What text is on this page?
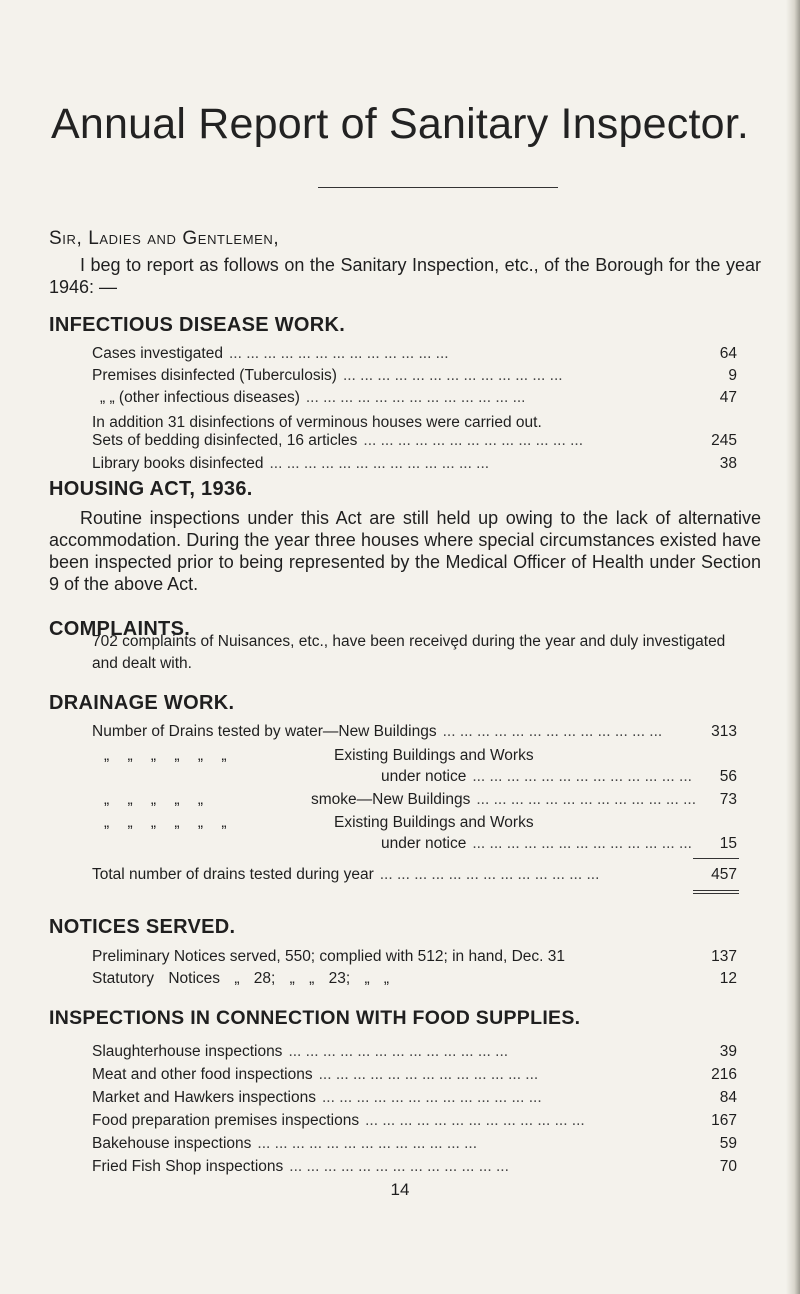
Annual Report of Sanitary Inspector.
Sir, Ladies and Gentlemen,
I beg to report as follows on the Sanitary Inspection, etc., of the Borough for the year 1946: —
INFECTIOUS DISEASE WORK.
Cases investigated ...	64
Premises disinfected (Tuberculosis) ...	9
„ „ (other infectious diseases) ...	47
In addition 31 disinfections of verminous houses were carried out.
Sets of bedding disinfected, 16 articles ...	245
Library books disinfected ...	38
HOUSING ACT, 1936.
Routine inspections under this Act are still held up owing to the lack of alternative accommodation. During the year three houses where special circumstances existed have been inspected prior to being represented by the Medical Officer of Health under Section 9 of the above Act.
COMPLAINTS.
702 complaints of Nuisances, etc., have been receivȩd during the year and duly investigated and dealt with.
DRAINAGE WORK.
Number of Drains tested by water—New Buildings ...	313
„ „ „ „ „ „	Existing Buildings and Works
under notice ...	56
„ „ „ „ „	smoke—New Buildings ...	73
„ „ „ „ „ „	Existing Buildings and Works
under notice ...	15
Total number of drains tested during year ...	457
NOTICES SERVED.
Preliminary Notices served, 550; complied with 512; in hand, Dec. 31	137
Statutory Notices „ 28; „ „ 23; „ „	12
INSPECTIONS IN CONNECTION WITH FOOD SUPPLIES.
Slaughterhouse inspections ...	39
Meat and other food inspections ...	216
Market and Hawkers inspections ...	84
Food preparation premises inspections ...	167
Bakehouse inspections ...	59
Fried Fish Shop inspections ...	70
14
